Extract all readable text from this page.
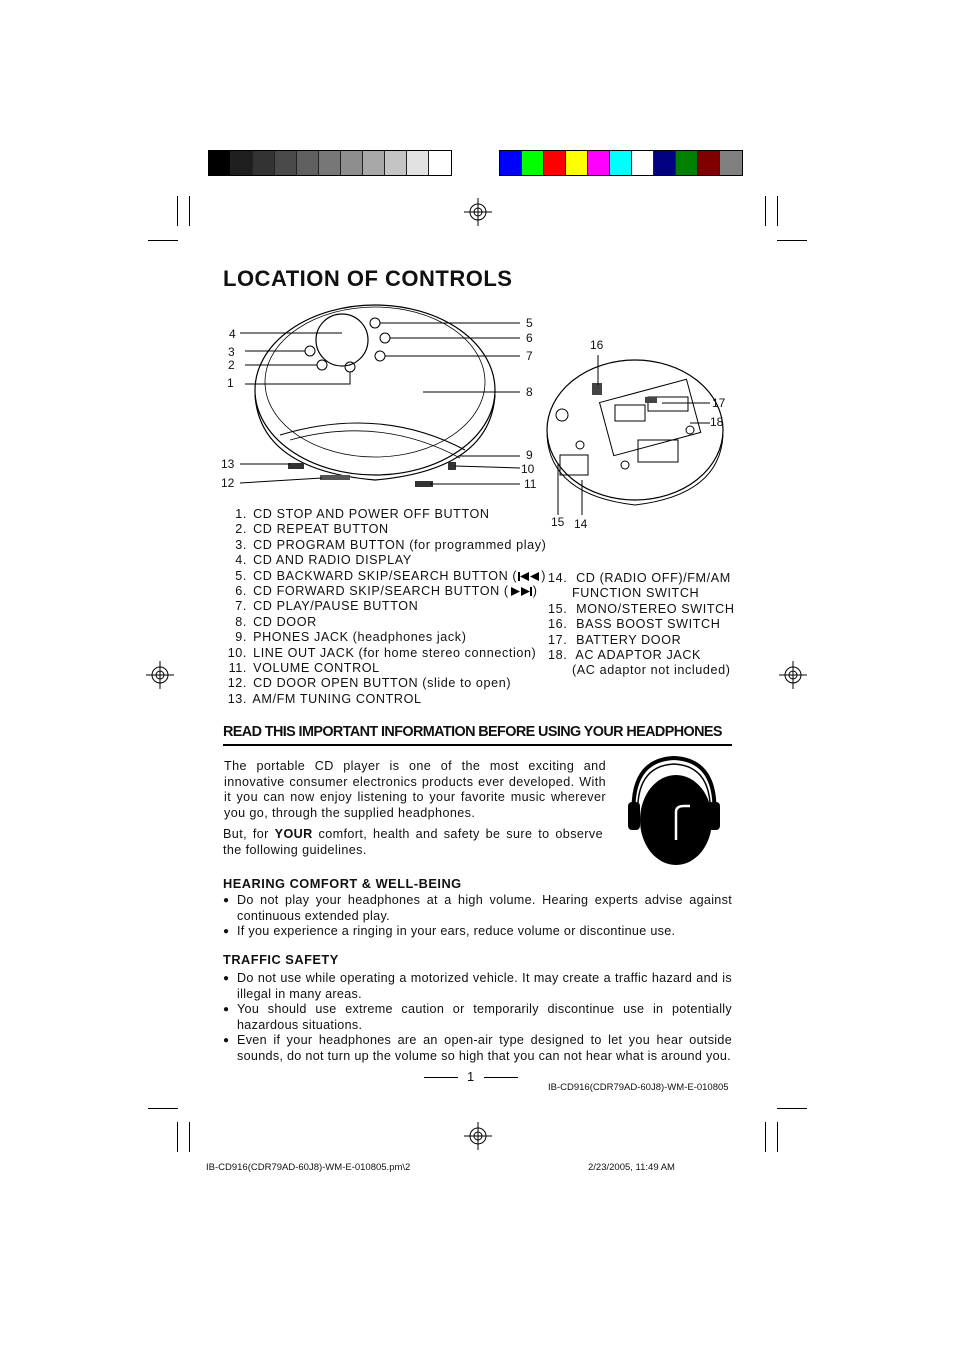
LOCATION OF CONTROLS
4
3
2
1
5
6
7
8
9
10
11
13
12
16
17
18
15 14
1. CD STOP AND POWER OFF BUTTON
2. CD REPEAT BUTTON
3. CD PROGRAM BUTTON (for programmed play)
4. CD AND RADIO DISPLAY
5. CD BACKWARD SKIP/SEARCH BUTTON ( )
6. CD FORWARD SKIP/SEARCH BUTTON ( )
7. CD PLAY/PAUSE BUTTON
8. CD DOOR
9. PHONES JACK (headphones jack)
10. LINE OUT JACK (for home stereo connection)
11. VOLUME CONTROL
12. CD DOOR OPEN BUTTON (slide to open)
13. AM/FM TUNING CONTROL
14. CD (RADIO OFF)/FM/AM
FUNCTION SWITCH
15. MONO/STEREO SWITCH
16. BASS BOOST SWITCH
17. BATTERY DOOR
18. AC ADAPTOR JACK
(AC adaptor not included)
READ THIS IMPORTANT INFORMATION BEFORE USING YOUR HEADPHONES

The portable CD player is one of the most exciting and innovative consumer electronics products ever developed. With it you can now enjoy listening to your favorite music wherever you go, through the supplied headphones.

But, for YOUR comfort, health and safety be sure to observe the following guidelines.

HEARING COMFORT & WELL-BEING
● Do not play your headphones at a high volume. Hearing experts advise against continuous extended play.
● If you experience a ringing in your ears, reduce volume or discontinue use.
TRAFFIC SAFETY
● Do not use while operating a motorized vehicle. It may create a traffic hazard and is illegal in many areas.
● You should use extreme caution or temporarily discontinue use in potentially hazardous situations.
● Even if your headphones are an open-air type designed to let you hear outside sounds, do not turn up the volume so high that you can not hear what is around you.
1
IB-CD916(CDR79AD-60J8)-WM-E-010805
IB-CD916(CDR79AD-60J8)-WM-E-010805.pm\2	2/23/2005, 11:49 AM
